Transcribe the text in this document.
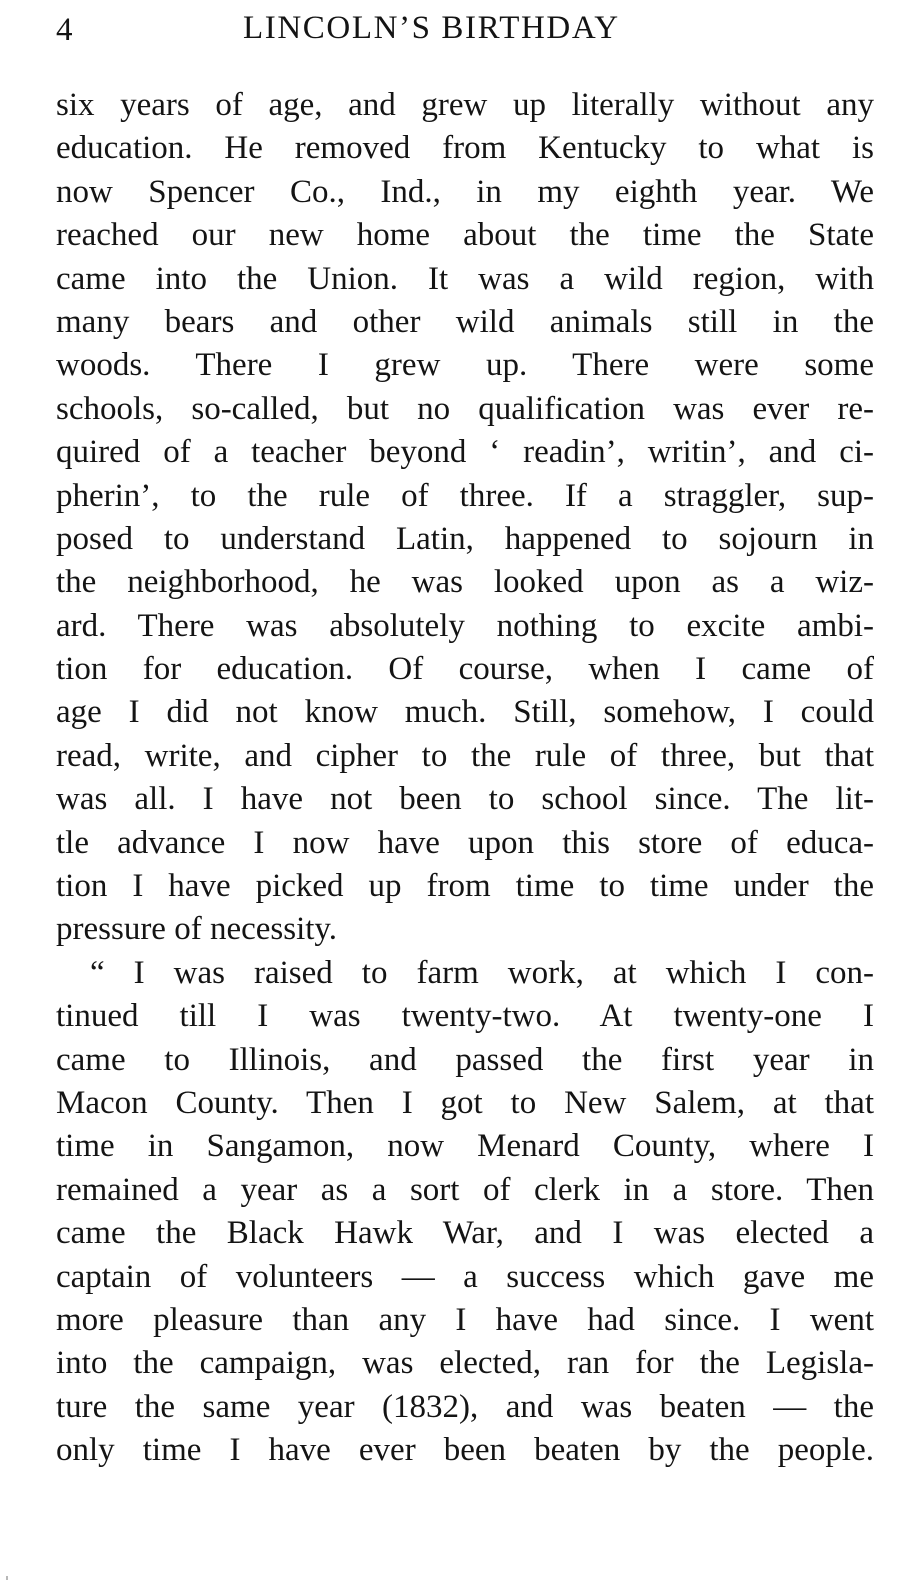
4	LINCOLN’S BIRTHDAY
six years of age, and grew up literally without any
education. He removed from Kentucky to what is
now Spencer Co., Ind., in my eighth year. We
reached our new home about the time the State
came into the Union. It was a wild region, with
many bears and other wild animals still in the
woods. There I grew up. There were some
schools, so-called, but no qualification was ever re-
quired of a teacher beyond ‘ readin’, writin’, and ci-
pherin’, to the rule of three. If a straggler, sup-
posed to understand Latin, happened to sojourn in
the neighborhood, he was looked upon as a wiz-
ard. There was absolutely nothing to excite ambi-
tion for education. Of course, when I came of
age I did not know much. Still, somehow, I could
read, write, and cipher to the rule of three, but that
was all. I have not been to school since. The lit-
tle advance I now have upon this store of educa-
tion I have picked up from time to time under the
pressure of necessity.
“ I was raised to farm work, at which I con-
tinued till I was twenty-two. At twenty-one I
came to Illinois, and passed the first year in
Macon County. Then I got to New Salem, at that
time in Sangamon, now Menard County, where I
remained a year as a sort of clerk in a store. Then
came the Black Hawk War, and I was elected a
captain of volunteers — a success which gave me
more pleasure than any I have had since. I went
into the campaign, was elected, ran for the Legisla-
ture the same year (1832), and was beaten — the
only time I have ever been beaten by the people.
